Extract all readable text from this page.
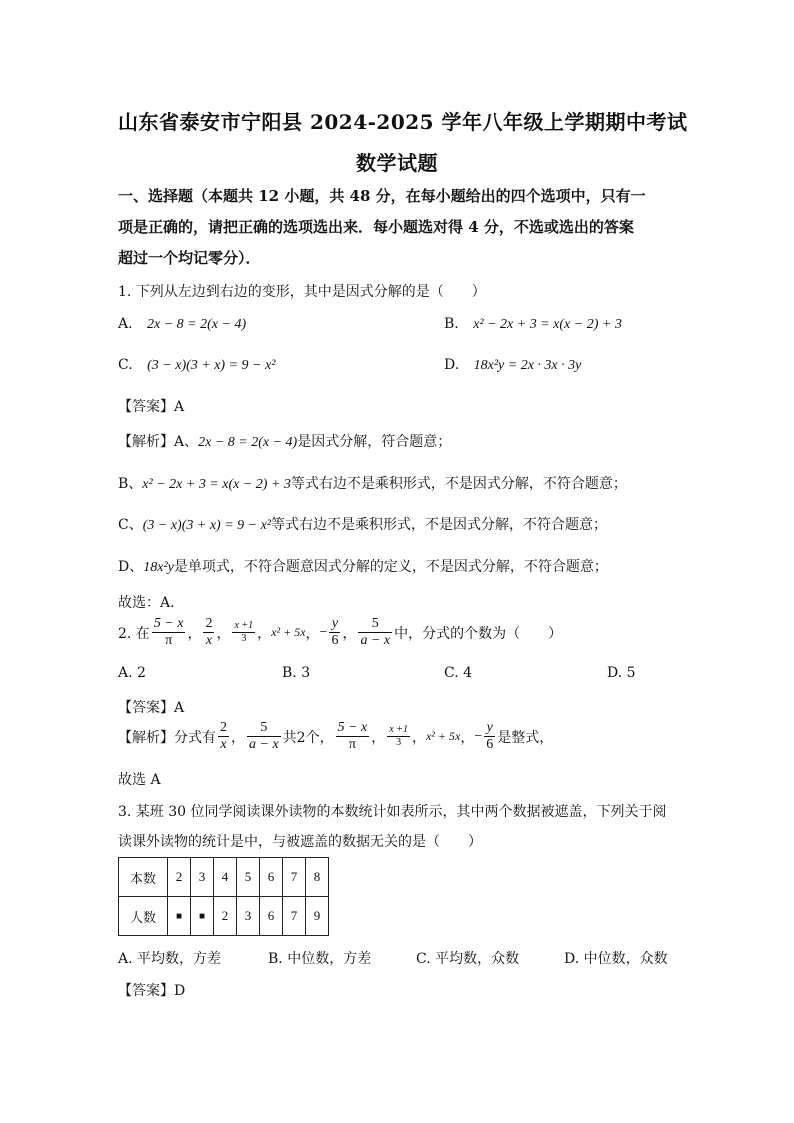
山东省泰安市宁阳县 2024-2025 学年八年级上学期期中考试
数学试题
一、选择题（本题共 12 小题，共 48 分，在每小题给出的四个选项中，只有一
项是正确的，请把正确的选项选出来．每小题选对得 4 分，不选或选出的答案
超过一个均记零分）．
1. 下列从左边到右边的变形，其中是因式分解的是（　　）
A. 2x − 8 = 2(x − 4)	B. x² − 2x + 3 = x(x − 2) + 3
C. (3 − x)(3 + x) = 9 − x²	D. 18x²y = 2x · 3x · 3y
【答案】A
【解析】A、2x − 8 = 2(x − 4)是因式分解，符合题意；
B、x² − 2x + 3 = x(x − 2) + 3等式右边不是乘积形式，不是因式分解，不符合题意；
C、(3 − x)(3 + x) = 9 − x²等式右边不是乘积形式，不是因式分解，不符合题意；
D、18x²y是单项式，不符合题意因式分解的定义，不是因式分解，不符合题意；
故选：A．
2. 在 $\frac{5 - x}{\pi}$ ， $\frac{2}{x}$ ， $\frac{x +1}{3}$ ， x² + 5x ， − $\frac{y}{6}$ ， $\frac{5}{a - x}$ 中，分式的个数为（　　）
A. 2	B. 3	C. 4	D. 5
【答案】A
【解析】分式有 $\frac{2}{x}$ ， $\frac{5}{a - x}$ 共2个， $\frac{5 - x}{\pi}$ ， $\frac{x +1}{3}$ ， x² + 5x ， − $\frac{y}{6}$ 是整式，
故选 A
3. 某班 30 位同学阅读课外读物的本数统计如表所示，其中两个数据被遮盖，下列关于阅
读课外读物的统计是中，与被遮盖的数据无关的是（　　）
本数	2	3	4	5	6	7	8
人数	■	■	2	3	6	7	9
A. 平均数，方差	B. 中位数，方差	C. 平均数，众数	D. 中位数，众数
【答案】D
